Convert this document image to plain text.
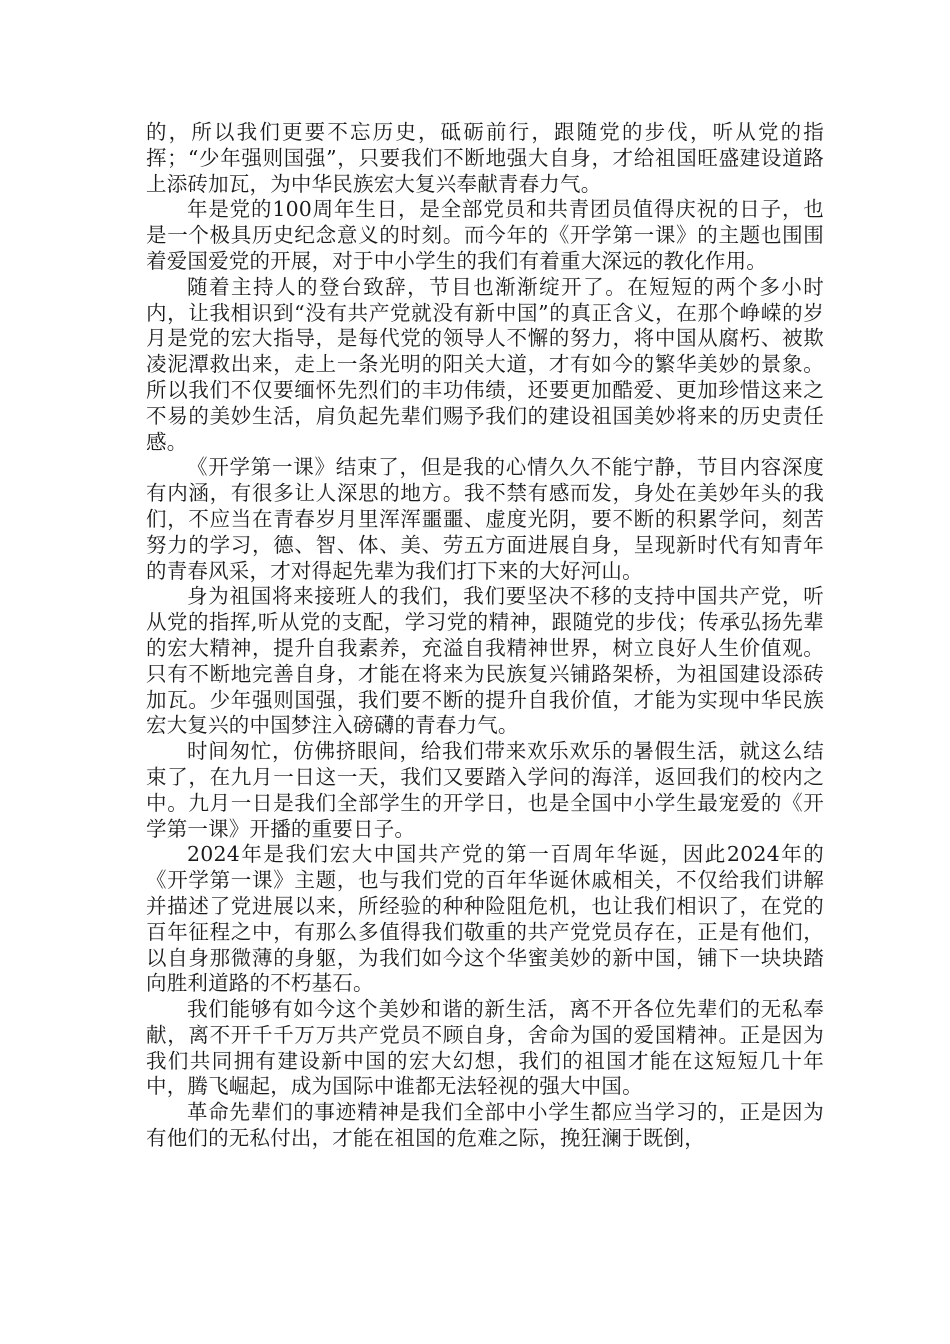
的，所以我们更要不忘历史，砥砺前行，跟随党的步伐，听从党的指挥；“少年强则国强”，只要我们不断地强大自身，才给祖国旺盛建设道路上添砖加瓦，为中华民族宏大复兴奉献青春力气。

年是党的100周年生日，是全部党员和共青团员值得庆祝的日子，也是一个极具历史纪念意义的时刻。而今年的《开学第一课》的主题也围围着爱国爱党的开展，对于中小学生的我们有着重大深远的教化作用。

随着主持人的登台致辞，节目也渐渐绽开了。在短短的两个多小时内，让我相识到“没有共产党就没有新中国”的真正含义，在那个峥嵘的岁月是党的宏大指导，是每代党的领导人不懈的努力，将中国从腐朽、被欺凌泥潭救出来，走上一条光明的阳关大道，才有如今的繁华美妙的景象。所以我们不仅要缅怀先烈们的丰功伟绩，还要更加酷爱、更加珍惜这来之不易的美妙生活，肩负起先辈们赐予我们的建设祖国美妙将来的历史责任感。

《开学第一课》结束了，但是我的心情久久不能宁静，节目内容深度有内涵，有很多让人深思的地方。我不禁有感而发，身处在美妙年头的我们，不应当在青春岁月里浑浑噩噩、虚度光阴，要不断的积累学问，刻苦努力的学习，德、智、体、美、劳五方面进展自身，呈现新时代有知青年的青春风采，才对得起先辈为我们打下来的大好河山。

身为祖国将来接班人的我们，我们要坚决不移的支持中国共产党，听从党的指挥,听从党的支配，学习党的精神，跟随党的步伐；传承弘扬先辈的宏大精神，提升自我素养，充溢自我精神世界，树立良好人生价值观。只有不断地完善自身，才能在将来为民族复兴铺路架桥，为祖国建设添砖加瓦。少年强则国强，我们要不断的提升自我价值，才能为实现中华民族宏大复兴的中国梦注入磅礴的青春力气。

时间匆忙，仿佛挤眼间，给我们带来欢乐欢乐的暑假生活，就这么结束了，在九月一日这一天，我们又要踏入学问的海洋，返回我们的校内之中。九月一日是我们全部学生的开学日，也是全国中小学生最宠爱的《开学第一课》开播的重要日子。

2024年是我们宏大中国共产党的第一百周年华诞，因此2024年的《开学第一课》主题，也与我们党的百年华诞休戚相关，不仅给我们讲解并描述了党进展以来，所经验的种种险阻危机，也让我们相识了，在党的百年征程之中，有那么多值得我们敬重的共产党党员存在，正是有他们，以自身那微薄的身躯，为我们如今这个华蜜美妙的新中国，铺下一块块踏向胜利道路的不朽基石。

我们能够有如今这个美妙和谐的新生活，离不开各位先辈们的无私奉献，离不开千千万万共产党员不顾自身，舍命为国的爱国精神。正是因为我们共同拥有建设新中国的宏大幻想，我们的祖国才能在这短短几十年中，腾飞崛起，成为国际中谁都无法轻视的强大中国。

革命先辈们的事迹精神是我们全部中小学生都应当学习的，正是因为有他们的无私付出，才能在祖国的危难之际，挽狂澜于既倒，
